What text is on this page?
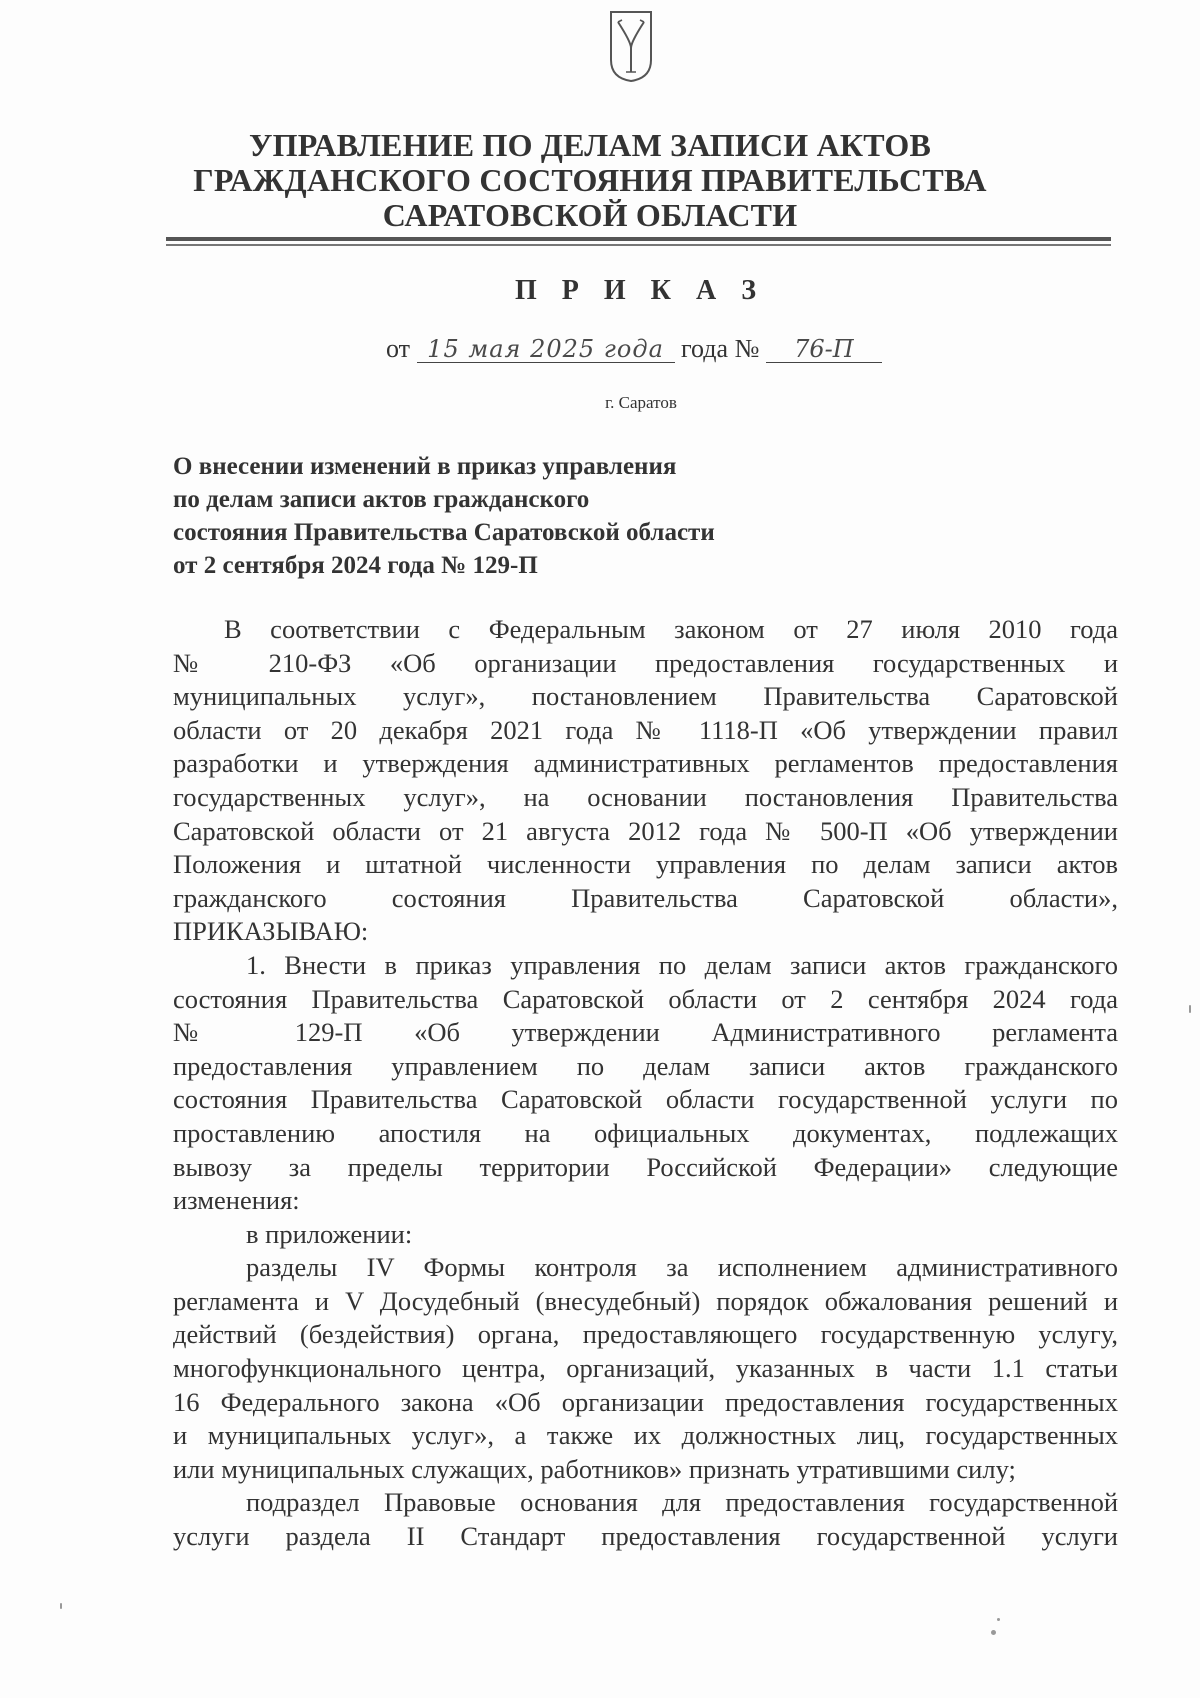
УПРАВЛЕНИЕ ПО ДЕЛАМ ЗАПИСИ АКТОВ
ГРАЖДАНСКОГО СОСТОЯНИЯ ПРАВИТЕЛЬСТВА
САРАТОВСКОЙ ОБЛАСТИ
П Р И К А З
от 15 мая 2025 года года № 76-П
г. Саратов
О внесении изменений в приказ управления
по делам записи актов гражданского
состояния Правительства Саратовской области
от 2 сентября 2024 года № 129-П
В соответствии с Федеральным законом от 27 июля 2010 года
№ 210-ФЗ «Об организации предоставления государственных и
муниципальных услуг», постановлением Правительства Саратовской
области от 20 декабря 2021 года № 1118-П «Об утверждении правил
разработки и утверждения административных регламентов предоставления
государственных услуг», на основании постановления Правительства
Саратовской области от 21 августа 2012 года № 500-П «Об утверждении
Положения и штатной численности управления по делам записи актов
гражданского состояния Правительства Саратовской области»,
ПРИКАЗЫВАЮ:
1. Внести в приказ управления по делам записи актов гражданского
состояния Правительства Саратовской области от 2 сентября 2024 года
№ 129-П «Об утверждении Административного регламента
предоставления управлением по делам записи актов гражданского
состояния Правительства Саратовской области государственной услуги по
проставлению апостиля на официальных документах, подлежащих
вывозу за пределы территории Российской Федерации» следующие
изменения:
в приложении:
разделы IV Формы контроля за исполнением административного
регламента и V Досудебный (внесудебный) порядок обжалования решений и
действий (бездействия) органа, предоставляющего государственную услугу,
многофункционального центра, организаций, указанных в части 1.1 статьи
16 Федерального закона «Об организации предоставления государственных
и муниципальных услуг», а также их должностных лиц, государственных
или муниципальных служащих, работников» признать утратившими силу;
подраздел Правовые основания для предоставления государственной
услуги раздела II Стандарт предоставления государственной услуги
